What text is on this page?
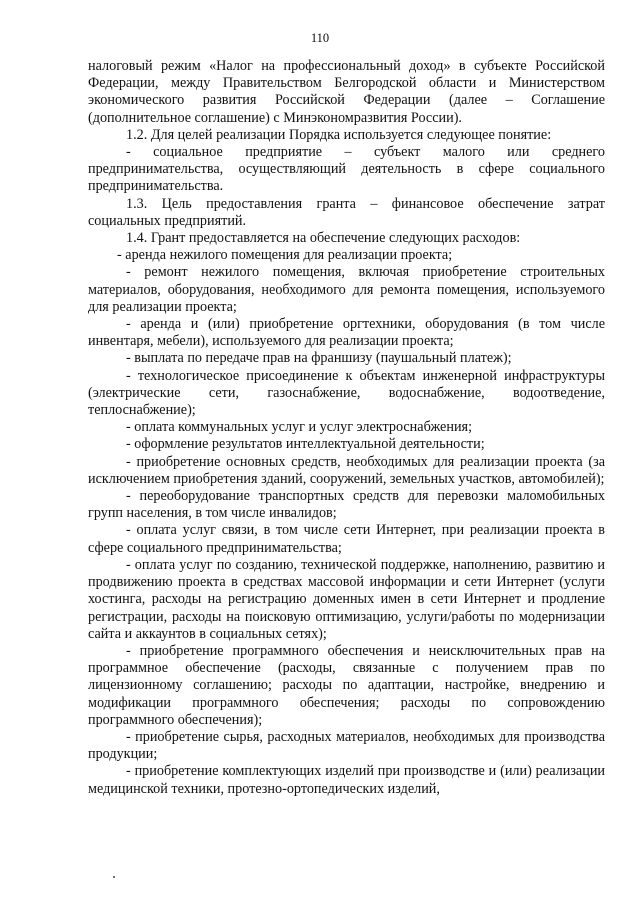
110

налоговый режим «Налог на профессиональный доход» в субъекте Российской Федерации, между Правительством Белгородской области и Министерством экономического развития Российской Федерации (далее – Соглашение (дополнительное соглашение) с Минэкономразвития России).

1.2. Для целей реализации Порядка используется следующее понятие:

- социальное предприятие – субъект малого или среднего предпринимательства, осуществляющий деятельность в сфере социального предпринимательства.

1.3. Цель предоставления гранта – финансовое обеспечение затрат социальных предприятий.

1.4. Грант предоставляется на обеспечение следующих расходов:

- аренда нежилого помещения для реализации проекта;

- ремонт нежилого помещения, включая приобретение строительных материалов, оборудования, необходимого для ремонта помещения, используемого для реализации проекта;

- аренда и (или) приобретение оргтехники, оборудования (в том числе инвентаря, мебели), используемого для реализации проекта;

- выплата по передаче прав на франшизу (паушальный платеж);

- технологическое присоединение к объектам инженерной инфраструктуры (электрические сети, газоснабжение, водоснабжение, водоотведение, теплоснабжение);

- оплата коммунальных услуг и услуг электроснабжения;

- оформление результатов интеллектуальной деятельности;

- приобретение основных средств, необходимых для реализации проекта (за исключением приобретения зданий, сооружений, земельных участков, автомобилей);

- переоборудование транспортных средств для перевозки маломобильных групп населения, в том числе инвалидов;

- оплата услуг связи, в том числе сети Интернет, при реализации проекта в сфере социального предпринимательства;

- оплата услуг по созданию, технической поддержке, наполнению, развитию и продвижению проекта в средствах массовой информации и сети Интернет (услуги хостинга, расходы на регистрацию доменных имен в сети Интернет и продление регистрации, расходы на поисковую оптимизацию, услуги/работы по модернизации сайта и аккаунтов в социальных сетях);

- приобретение программного обеспечения и неисключительных прав на программное обеспечение (расходы, связанные с получением прав по лицензионному соглашению; расходы по адаптации, настройке, внедрению и модификации программного обеспечения; расходы по сопровождению программного обеспечения);

- приобретение сырья, расходных материалов, необходимых для производства продукции;

- приобретение комплектующих изделий при производстве и (или) реализации медицинской техники, протезно-ортопедических изделий,
